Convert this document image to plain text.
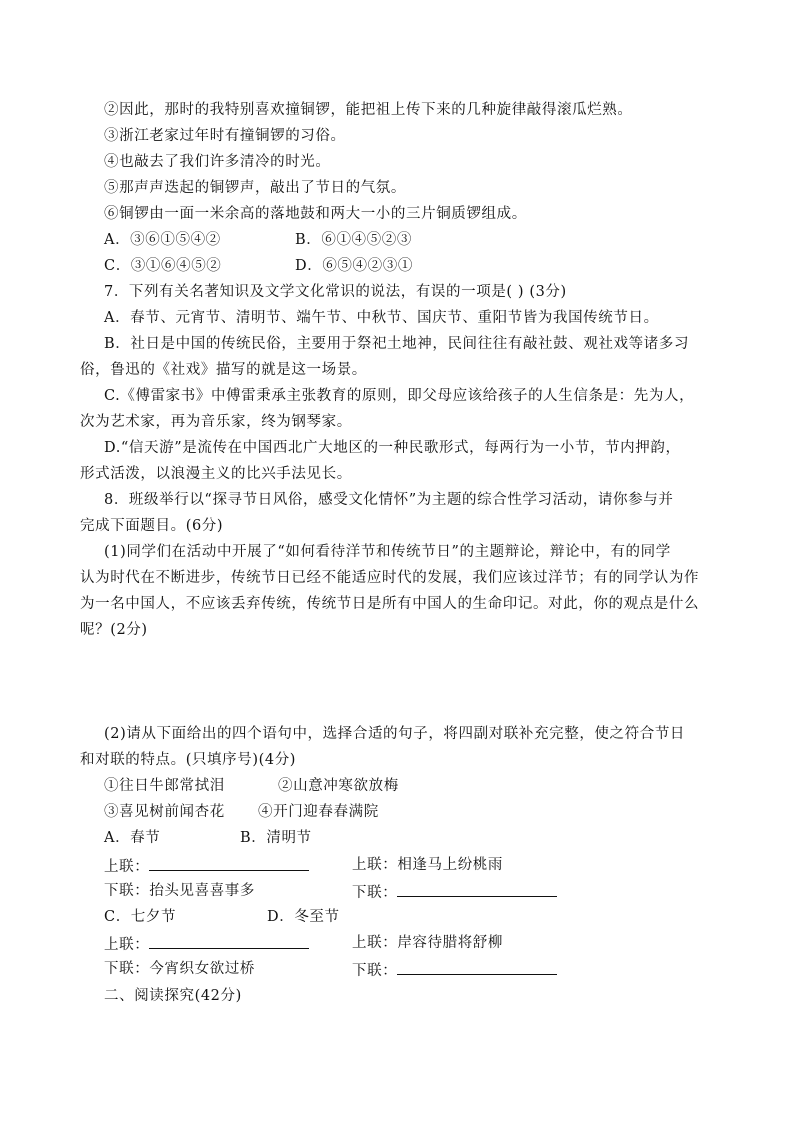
②因此，那时的我特别喜欢撞铜锣，能把祖上传下来的几种旋律敲得滚瓜烂熟。
③浙江老家过年时有撞铜锣的习俗。
④也敲去了我们许多清冷的时光。
⑤那声声迭起的铜锣声，敲出了节日的气氛。
⑥铜锣由一面一米余高的落地鼓和两大一小的三片铜质锣组成。
A．③⑥①⑤④②	B．⑥①④⑤②③
C．③①⑥④⑤②	D．⑥⑤④②③①
7．下列有关名著知识及文学文化常识的说法，有误的一项是( ) (3分)
A．春节、元宵节、清明节、端午节、中秋节、国庆节、重阳节皆为我国传统节日。
B．社日是中国的传统民俗，主要用于祭祀土地神，民间往往有敲社鼓、观社戏等诸多习
俗，鲁迅的《社戏》描写的就是这一场景。
C.《傅雷家书》中傅雷秉承主张教育的原则，即父母应该给孩子的人生信条是：先为人，
次为艺术家，再为音乐家，终为钢琴家。
D.“信天游”是流传在中国西北广大地区的一种民歌形式，每两行为一小节，节内押韵，
形式活泼，以浪漫主义的比兴手法见长。
8．班级举行以“探寻节日风俗，感受文化情怀”为主题的综合性学习活动，请你参与并
完成下面题目。(6分)
(1)同学们在活动中开展了“如何看待洋节和传统节日”的主题辩论，辩论中，有的同学
认为时代在不断进步，传统节日已经不能适应时代的发展，我们应该过洋节；有的同学认为作
为一名中国人，不应该丢弃传统，传统节日是所有中国人的生命印记。对此，你的观点是什么
呢？(2分)
(2)请从下面给出的四个语句中，选择合适的句子，将四副对联补充完整，使之符合节日
和对联的特点。(只填序号)(4分)
①往日牛郎常拭泪	②山意冲寒欲放梅
③喜见树前闻杏花 ④开门迎春春满院
A．春节	B．清明节
上联：	上联：相逢马上纷桃雨
下联：抬头见喜喜事多	下联：
C．七夕节	D．冬至节
上联：	上联：岸容待腊将舒柳
下联：今宵织女欲过桥	下联：
二、阅读探究(42分)
